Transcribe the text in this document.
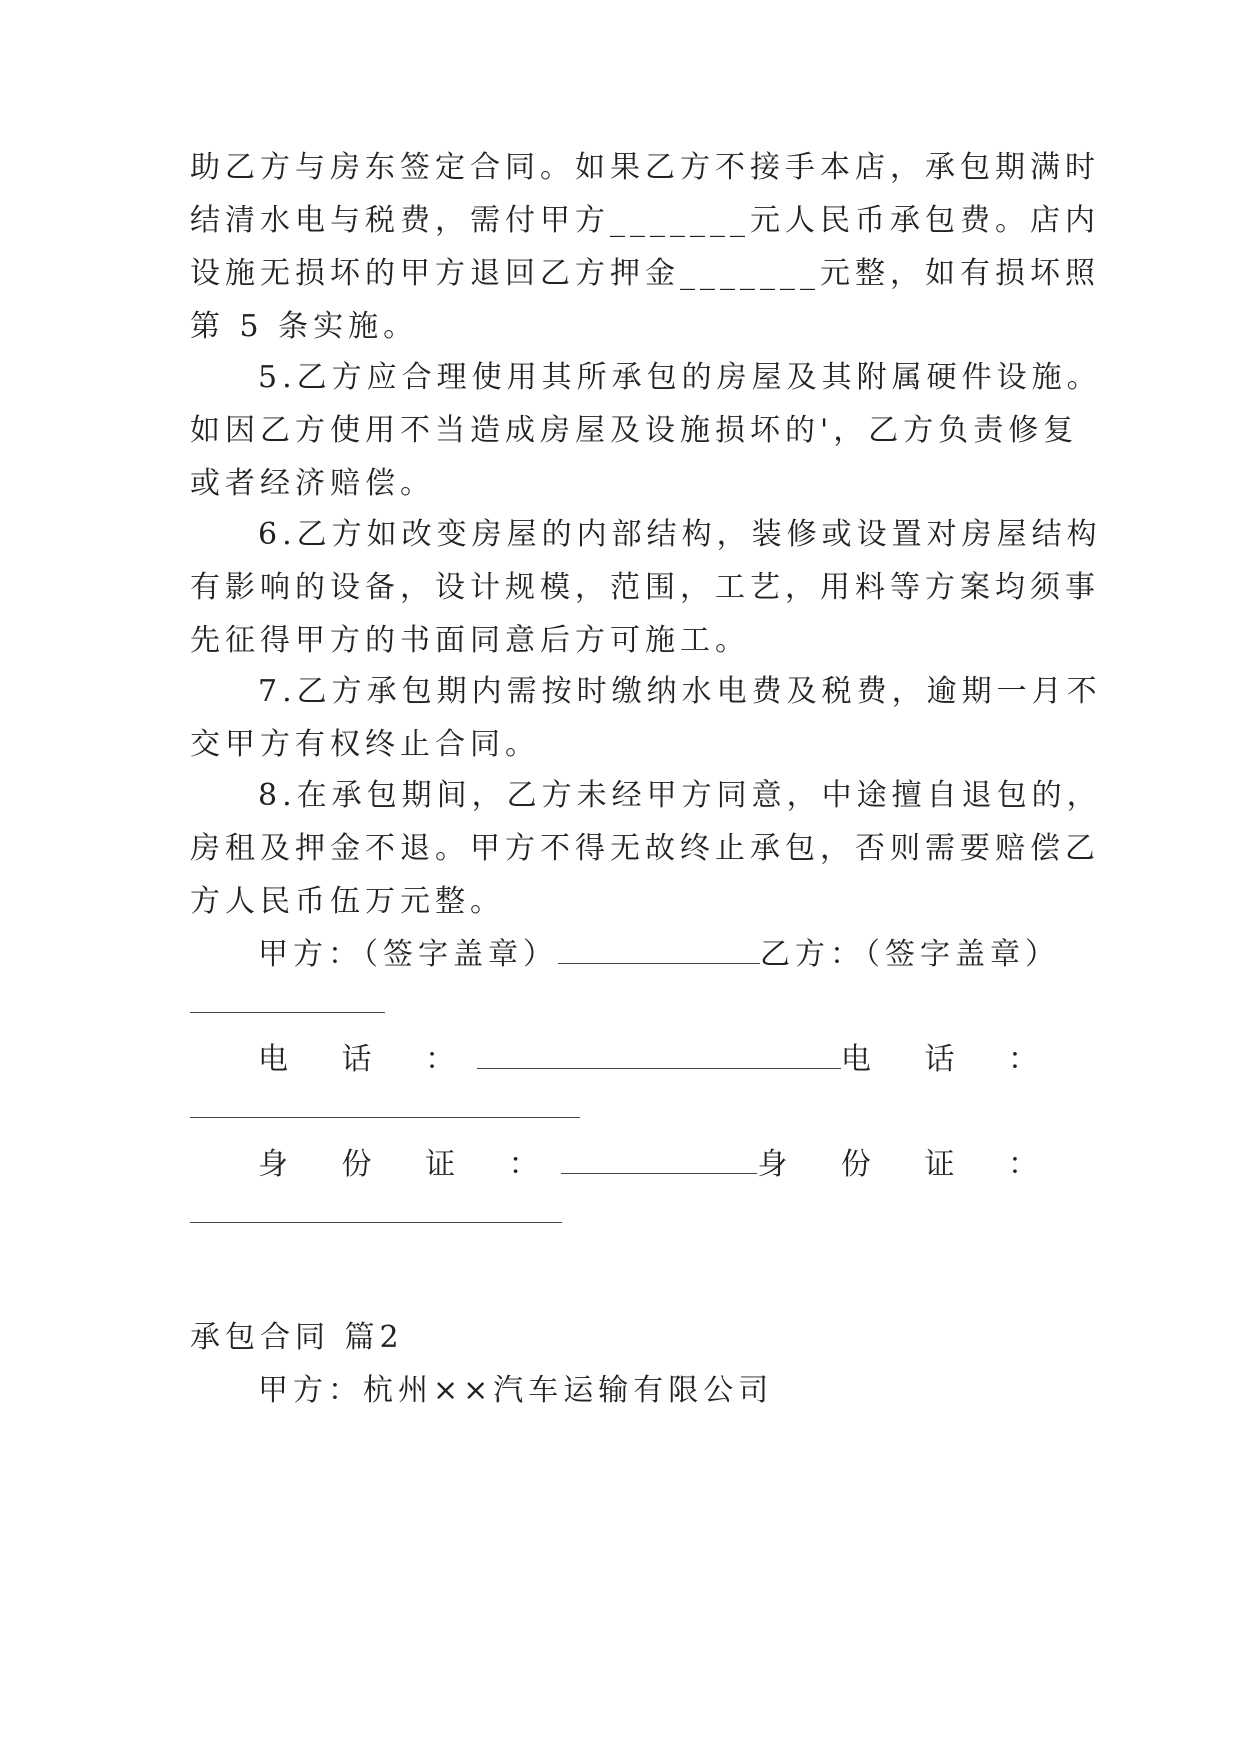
助乙方与房东签定合同。如果乙方不接手本店，承包期满时

结清水电与税费，需付甲方_______元人民币承包费。店内

设施无损坏的甲方退回乙方押金_______元整，如有损坏照

第 5 条实施。

5.乙方应合理使用其所承包的房屋及其附属硬件设施。

如因乙方使用不当造成房屋及设施损坏的'，乙方负责修复

或者经济赔偿。

6.乙方如改变房屋的内部结构，装修或设置对房屋结构

有影响的设备，设计规模，范围，工艺，用料等方案均须事

先征得甲方的书面同意后方可施工。

7.乙方承包期内需按时缴纳水电费及税费，逾期一月不

交甲方有权终止合同。

8.在承包期间，乙方未经甲方同意，中途擅自退包的，

房租及押金不退。甲方不得无故终止承包，否则需要赔偿乙

方人民币伍万元整。

甲方：（签字盖章）	乙方：（签字盖章）
电 话 ：	电 话 ：
身 份 证 ：	身 份 证 ：

承包合同 篇2

甲方：杭州××汽车运输有限公司
